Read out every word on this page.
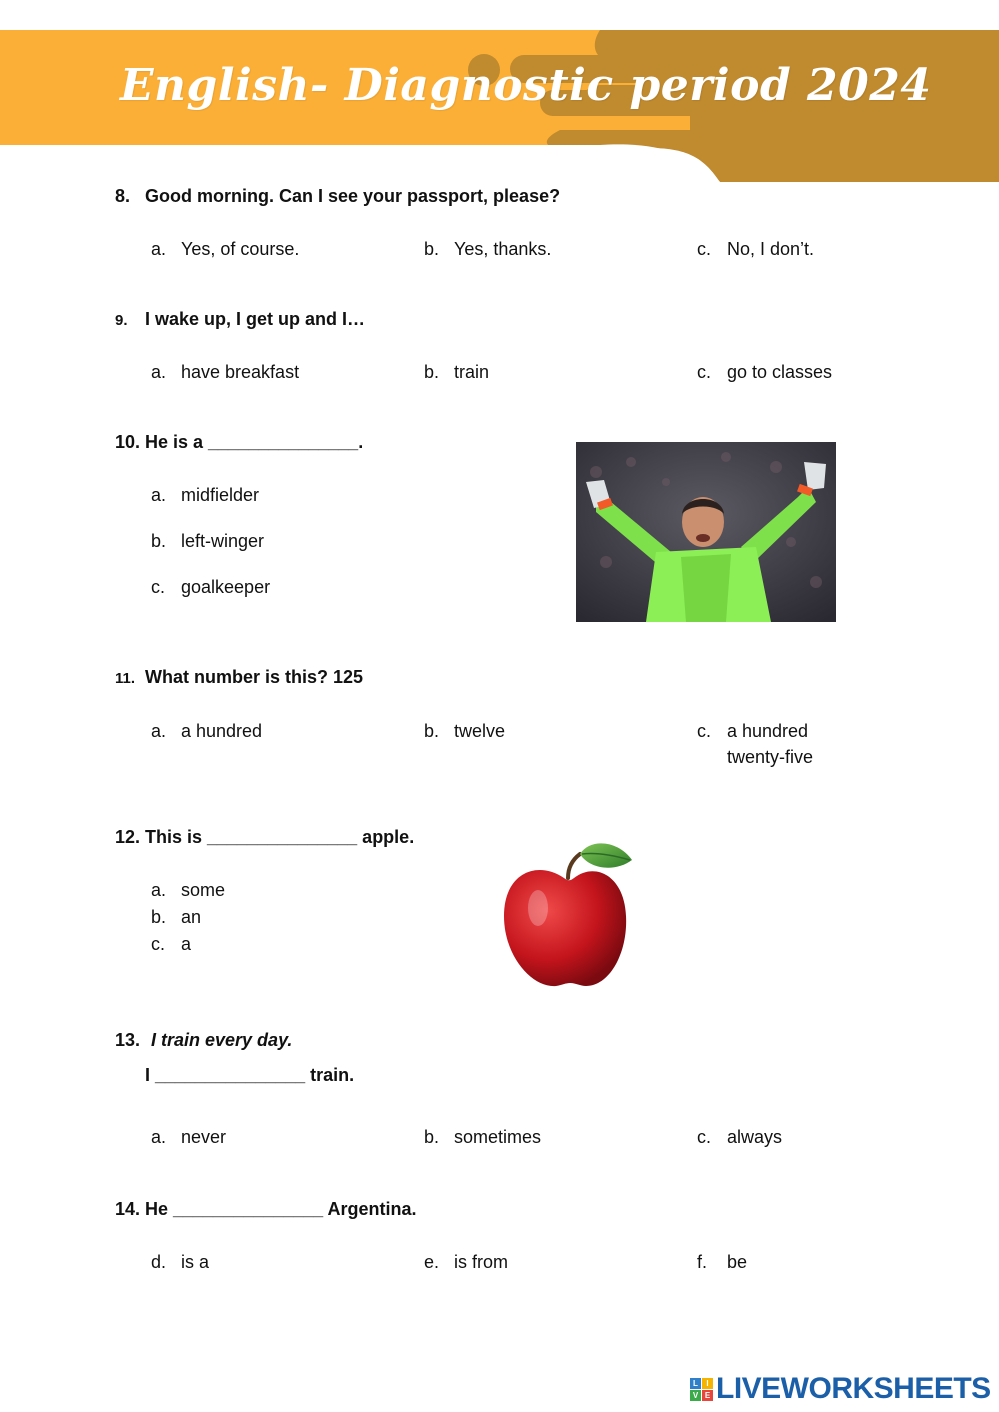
English- Diagnostic period 2024
8. Good morning. Can I see your passport, please?
a. Yes, of course.	b. Yes, thanks.	c. No, I don’t.
9. I wake up, I get up and I…
a. have breakfast	b. train	c. go to classes
10. He is a _______________.
a. midfielder
b. left-winger
c. goalkeeper
11. What number is this? 125
a. a hundred	b. twelve	c. a hundred twenty-five
12. This is _______________ apple.
a. some
b. an
c. a
13. I train every day.
I _______________ train.
a. never	b. sometimes	c. always
14. He _______________ Argentina.
d. is a	e. is from	f. be
L	I
V E LIVEWORKSHEETS
